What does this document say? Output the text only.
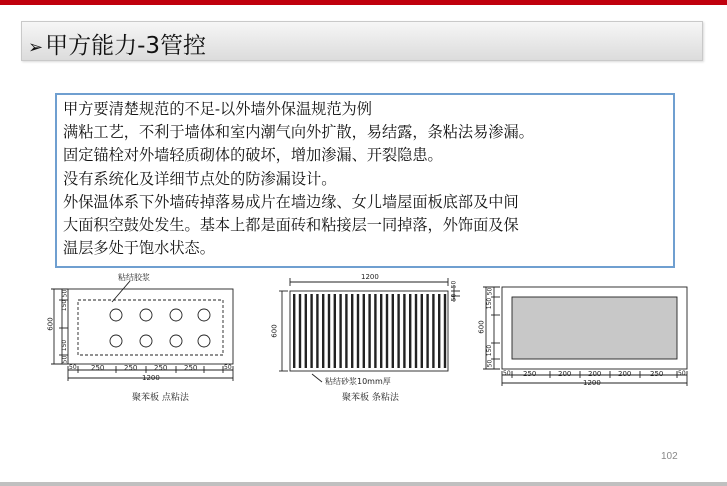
➢甲方能力-3管控

甲方要清楚规范的不足-以外墙外保温规范为例

满粘工艺，不利于墙体和室内潮气向外扩散，易结露，条粘法易渗漏。

固定锚栓对外墙轻质砌体的破坏，增加渗漏、开裂隐患。

没有系统化及详细节点处的防渗漏设计。

外保温体系下外墙砖掉落易成片在墙边缘、女儿墙屋面板底部及中间

大面积空鼓处发生。基本上都是面砖和粘接层一同掉落，外饰面及保

温层多处于饱水状态。

粘结胶浆
600
150
50
150
50
50 250	250 250 250	50
1200
聚苯板 点粘法
1200
600
50
50
粘结砂浆10mm厚
聚苯板 条粘法
600
150
50
50
150
50 250	200 200 200	250 50
1200
102
